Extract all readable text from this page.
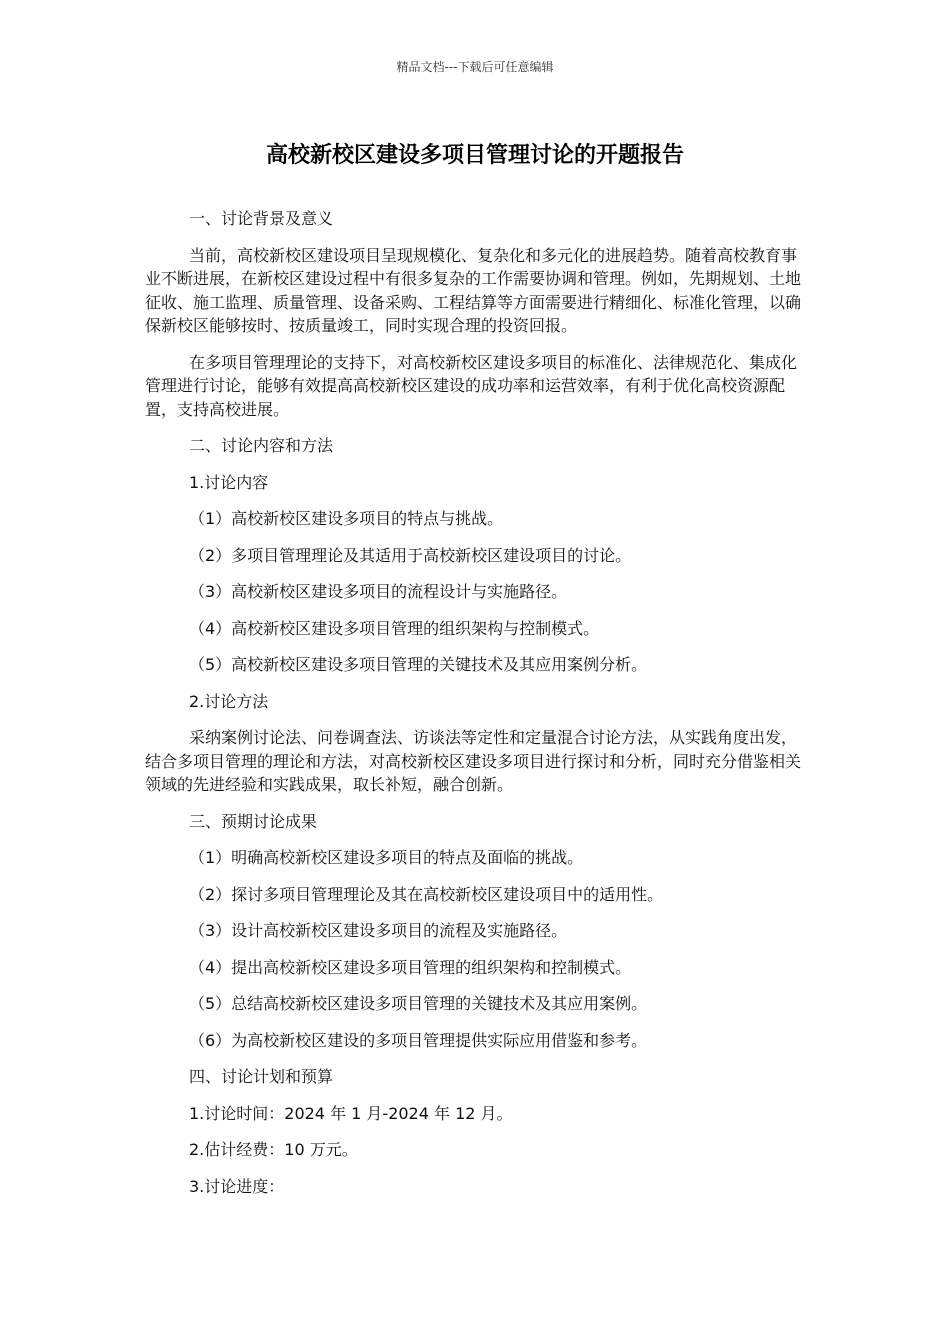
精品文档---下载后可任意编辑
高校新校区建设多项目管理讨论的开题报告

一、讨论背景及意义

当前，高校新校区建设项目呈现规模化、复杂化和多元化的进展趋势。随着高校教育事业不断进展，在新校区建设过程中有很多复杂的工作需要协调和管理。例如，先期规划、土地征收、施工监理、质量管理、设备采购、工程结算等方面需要进行精细化、标准化管理，以确保新校区能够按时、按质量竣工，同时实现合理的投资回报。

在多项目管理理论的支持下，对高校新校区建设多项目的标准化、法律规范化、集成化管理进行讨论，能够有效提高高校新校区建设的成功率和运营效率，有利于优化高校资源配置，支持高校进展。

二、讨论内容和方法

1.讨论内容

（1）高校新校区建设多项目的特点与挑战。

（2）多项目管理理论及其适用于高校新校区建设项目的讨论。

（3）高校新校区建设多项目的流程设计与实施路径。

（4）高校新校区建设多项目管理的组织架构与控制模式。

（5）高校新校区建设多项目管理的关键技术及其应用案例分析。

2.讨论方法

采纳案例讨论法、问卷调查法、访谈法等定性和定量混合讨论方法，从实践角度出发，结合多项目管理的理论和方法，对高校新校区建设多项目进行探讨和分析，同时充分借鉴相关领域的先进经验和实践成果，取长补短，融合创新。

三、预期讨论成果

（1）明确高校新校区建设多项目的特点及面临的挑战。

（2）探讨多项目管理理论及其在高校新校区建设项目中的适用性。

（3）设计高校新校区建设多项目的流程及实施路径。

（4）提出高校新校区建设多项目管理的组织架构和控制模式。

（5）总结高校新校区建设多项目管理的关键技术及其应用案例。

（6）为高校新校区建设的多项目管理提供实际应用借鉴和参考。

四、讨论计划和预算

1.讨论时间：2024 年 1 月-2024 年 12 月。

2.估计经费：10 万元。

3.讨论进度：
